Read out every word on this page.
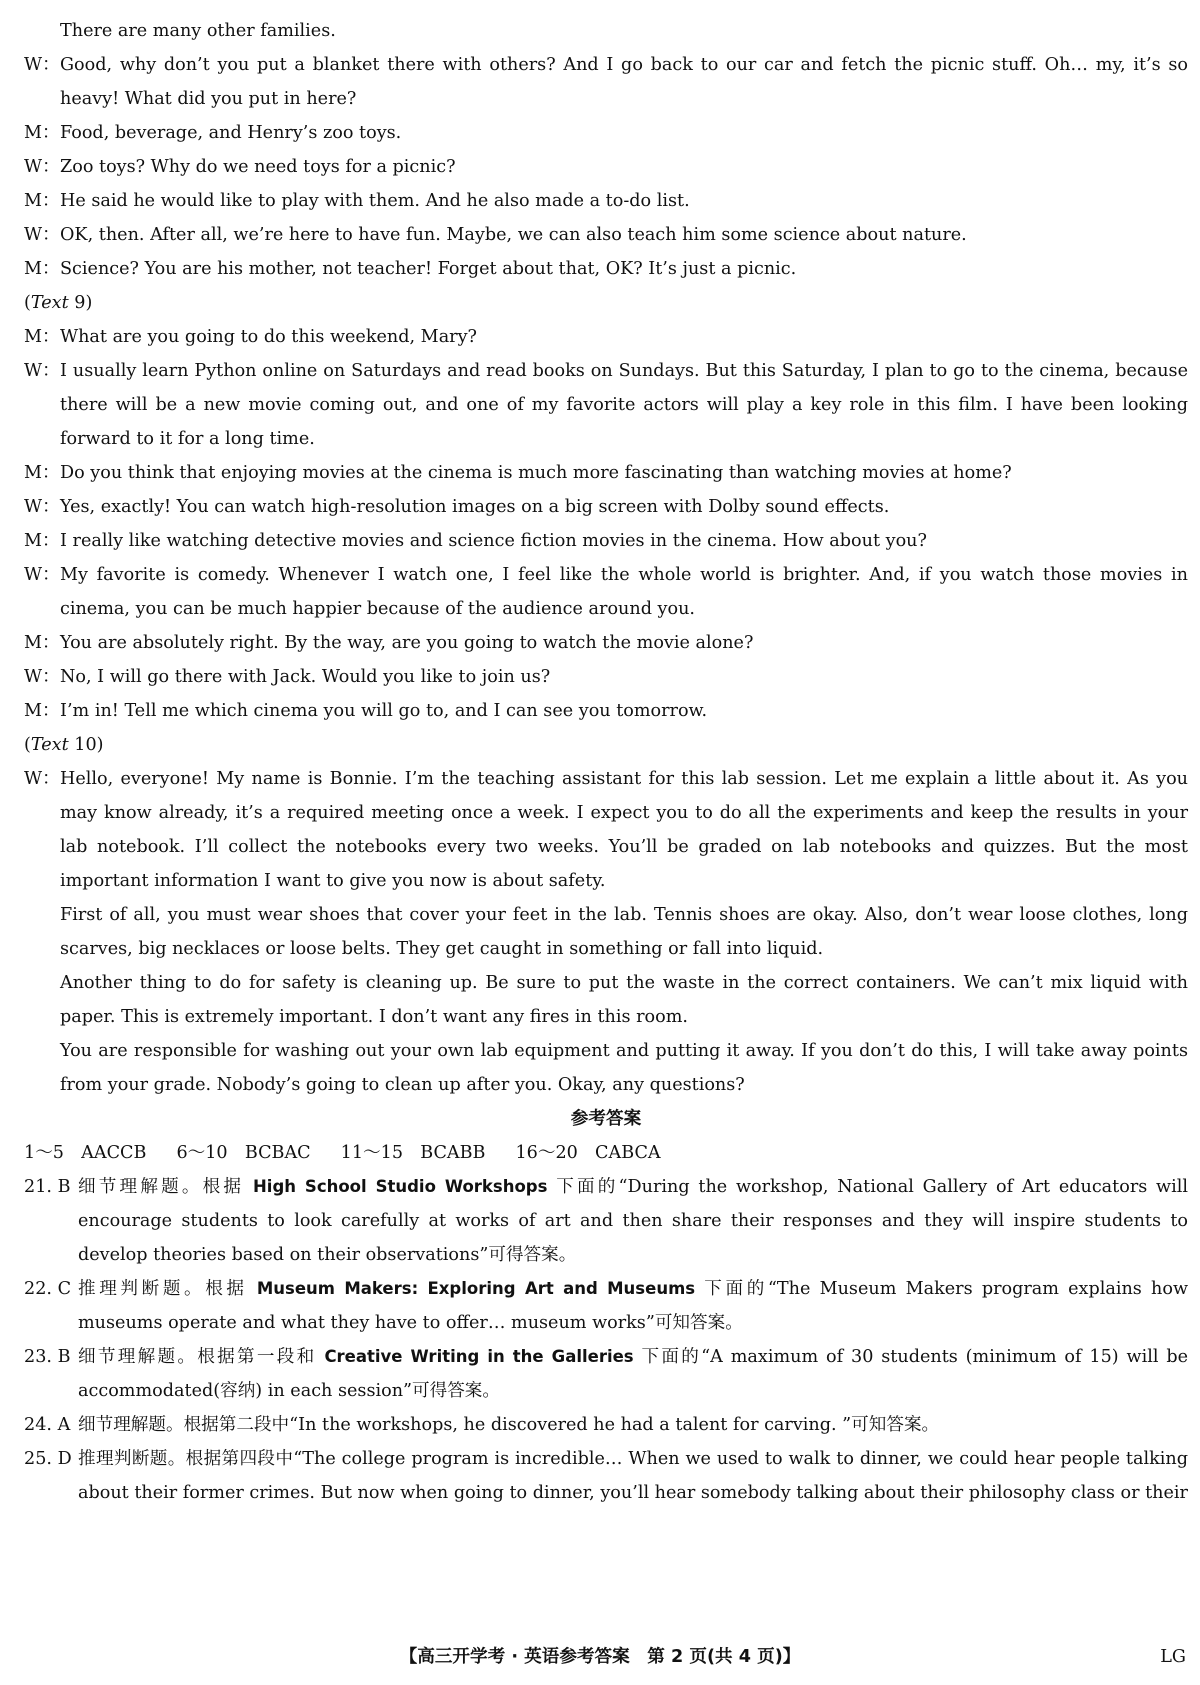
There are many other families.
W： Good, why don’t you put a blanket there with others? And I go back to our car and fetch the picnic stuff. Oh… my, it’s so heavy! What did you put in here?
M： Food, beverage, and Henry’s zoo toys.
W： Zoo toys? Why do we need toys for a picnic?
M： He said he would like to play with them. And he also made a to-do list.
W： OK, then. After all, we’re here to have fun. Maybe, we can also teach him some science about nature.
M： Science? You are his mother, not teacher! Forget about that, OK? It’s just a picnic.

(Text 9)

M： What are you going to do this weekend, Mary?
W： I usually learn Python online on Saturdays and read books on Sundays. But this Saturday, I plan to go to the cinema, because there will be a new movie coming out, and one of my favorite actors will play a key role in this film. I have been looking forward to it for a long time.
M： Do you think that enjoying movies at the cinema is much more fascinating than watching movies at home?
W： Yes, exactly! You can watch high-resolution images on a big screen with Dolby sound effects.
M： I really like watching detective movies and science fiction movies in the cinema. How about you?
W： My favorite is comedy. Whenever I watch one, I feel like the whole world is brighter. And, if you watch those movies in cinema, you can be much happier because of the audience around you.
M： You are absolutely right. By the way, are you going to watch the movie alone?
W： No, I will go there with Jack. Would you like to join us?
M： I’m in! Tell me which cinema you will go to, and I can see you tomorrow.

(Text 10)

W： Hello, everyone! My name is Bonnie. I’m the teaching assistant for this lab session. Let me explain a little about it. As you may know already, it’s a required meeting once a week. I expect you to do all the experiments and keep the results in your lab notebook. I’ll collect the notebooks every two weeks. You’ll be graded on lab notebooks and quizzes. But the most important information I want to give you now is about safety.
First of all, you must wear shoes that cover your feet in the lab. Tennis shoes are okay. Also, don’t wear loose clothes, long scarves, big necklaces or loose belts. They get caught in something or fall into liquid.
Another thing to do for safety is cleaning up. Be sure to put the waste in the correct containers. We can’t mix liquid with paper. This is extremely important. I don’t want any fires in this room.
You are responsible for washing out your own lab equipment and putting it away. If you don’t do this, I will take away points from your grade. Nobody’s going to clean up after you. Okay, any questions?

参考答案

1～5 AACCB	6～10 BCBAC	11～15 BCABB	16～20 CABCA
21. B 细节理解题。根据 High School Studio Workshops 下面的“During the workshop, National Gallery of Art educators will encourage students to look carefully at works of art and then share their responses and they will inspire students to develop theories based on their observations”可得答案。
22. C 推理判断题。根据 Museum Makers: Exploring Art and Museums 下面的“The Museum Makers program explains how museums operate and what they have to offer… museum works”可知答案。
23. B 细节理解题。根据第一段和 Creative Writing in the Galleries 下面的“A maximum of 30 students (minimum of 15) will be accommodated(容纳) in each session”可得答案。
24. A 细节理解题。根据第二段中“In the workshops, he discovered he had a talent for carving. ”可知答案。
25. D 推理判断题。根据第四段中“The college program is incredible… When we used to walk to dinner, we could hear people talking about their former crimes. But now when going to dinner, you’ll hear somebody talking about their philosophy class or their
【高三开学考 · 英语参考答案　第 2 页(共 4 页)】	LG
